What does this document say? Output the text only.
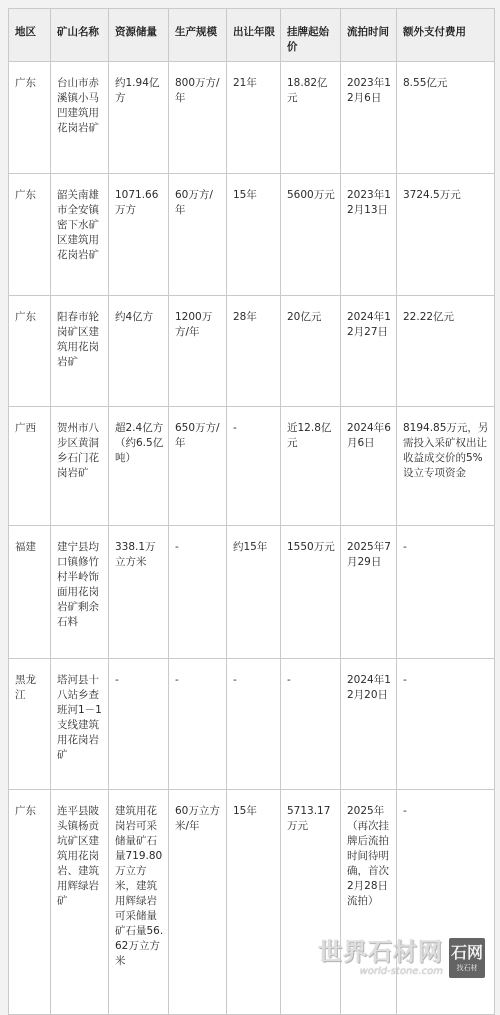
地区	矿山名称	资源储量	生产规模	出让年限	挂牌起始价	流拍时间	额外支付费用
广东	台山市赤溪镇小马凹建筑用花岗岩矿	约1.94亿方	800万方/年	21年	18.82亿元	2023年12月6日	8.55亿元
广东	韶关南雄市全安镇密下水矿区建筑用花岗岩矿	1071.66万方	60万方/年	15年	5600万元	2023年12月13日	3724.5万元
广东	阳春市轮岗矿区建筑用花岗岩矿	约4亿方	1200万方/年	28年	20亿元	2024年12月27日	22.22亿元
广西	贺州市八步区黄洞乡石门花岗岩矿	超2.4亿方（约6.5亿吨）	650万方/年	-	近12.8亿元	2024年6月6日	8194.85万元，另需投入采矿权出让收益成交价的5%设立专项资金
福建	建宁县均口镇修竹村半岭饰面用花岗岩矿剩余石料	338.1万立方米	-	约15年	1550万元	2025年7月29日	-
黑龙江	塔河县十八站乡查班河1－1支线建筑用花岗岩矿	-	-	-	-	2024年12月20日	-
广东	连平县陂头镇杨贡坑矿区建筑用花岗岩、建筑用辉绿岩矿	建筑用花岗岩可采储量矿石量719.80万立方米，建筑用辉绿岩可采储量矿石量56.62万立方米	60万立方米/年	15年	5713.17万元	2025年（再次挂牌后流拍时间待明确，首次2月28日流拍）	-
世界石材网
world-stone.com
石网
找石材
